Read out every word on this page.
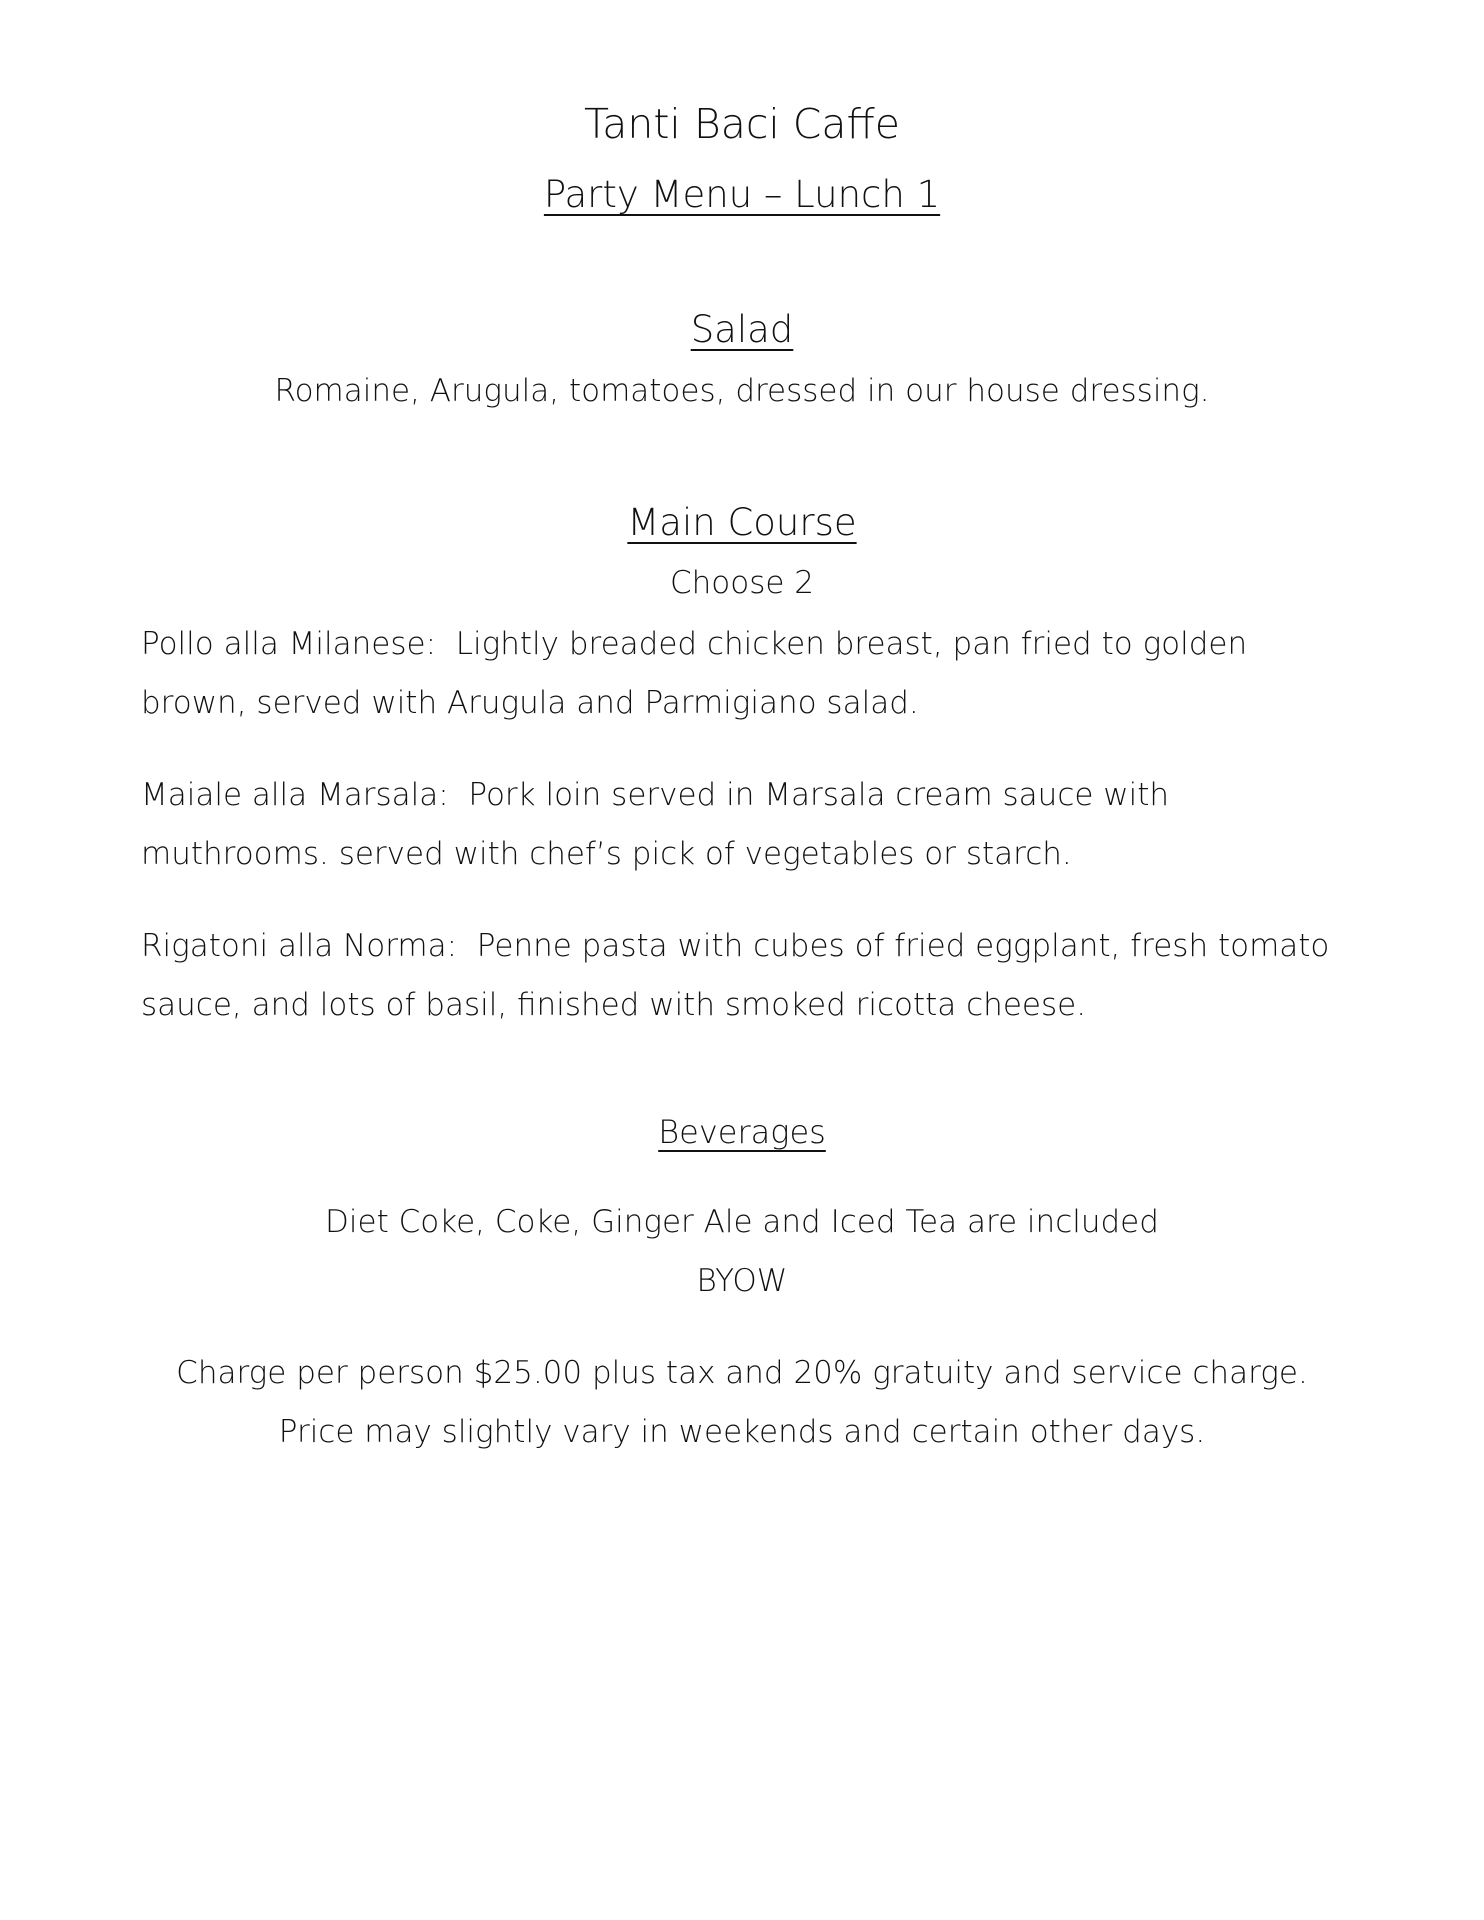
Tanti Baci Caffe
Party Menu – Lunch 1
Salad
Romaine, Arugula, tomatoes, dressed in our house dressing.
Main Course
Choose 2
Pollo alla Milanese: Lightly breaded chicken breast, pan fried to golden brown, served with Arugula and Parmigiano salad.
Maiale alla Marsala: Pork loin served in Marsala cream sauce with muthrooms. served with chef’s pick of vegetables or starch.
Rigatoni alla Norma: Penne pasta with cubes of fried eggplant, fresh tomato sauce, and lots of basil, finished with smoked ricotta cheese.
Beverages
Diet Coke, Coke, Ginger Ale and Iced Tea are included
BYOW
Charge per person $25.00 plus tax and 20% gratuity and service charge.
Price may slightly vary in weekends and certain other days.
